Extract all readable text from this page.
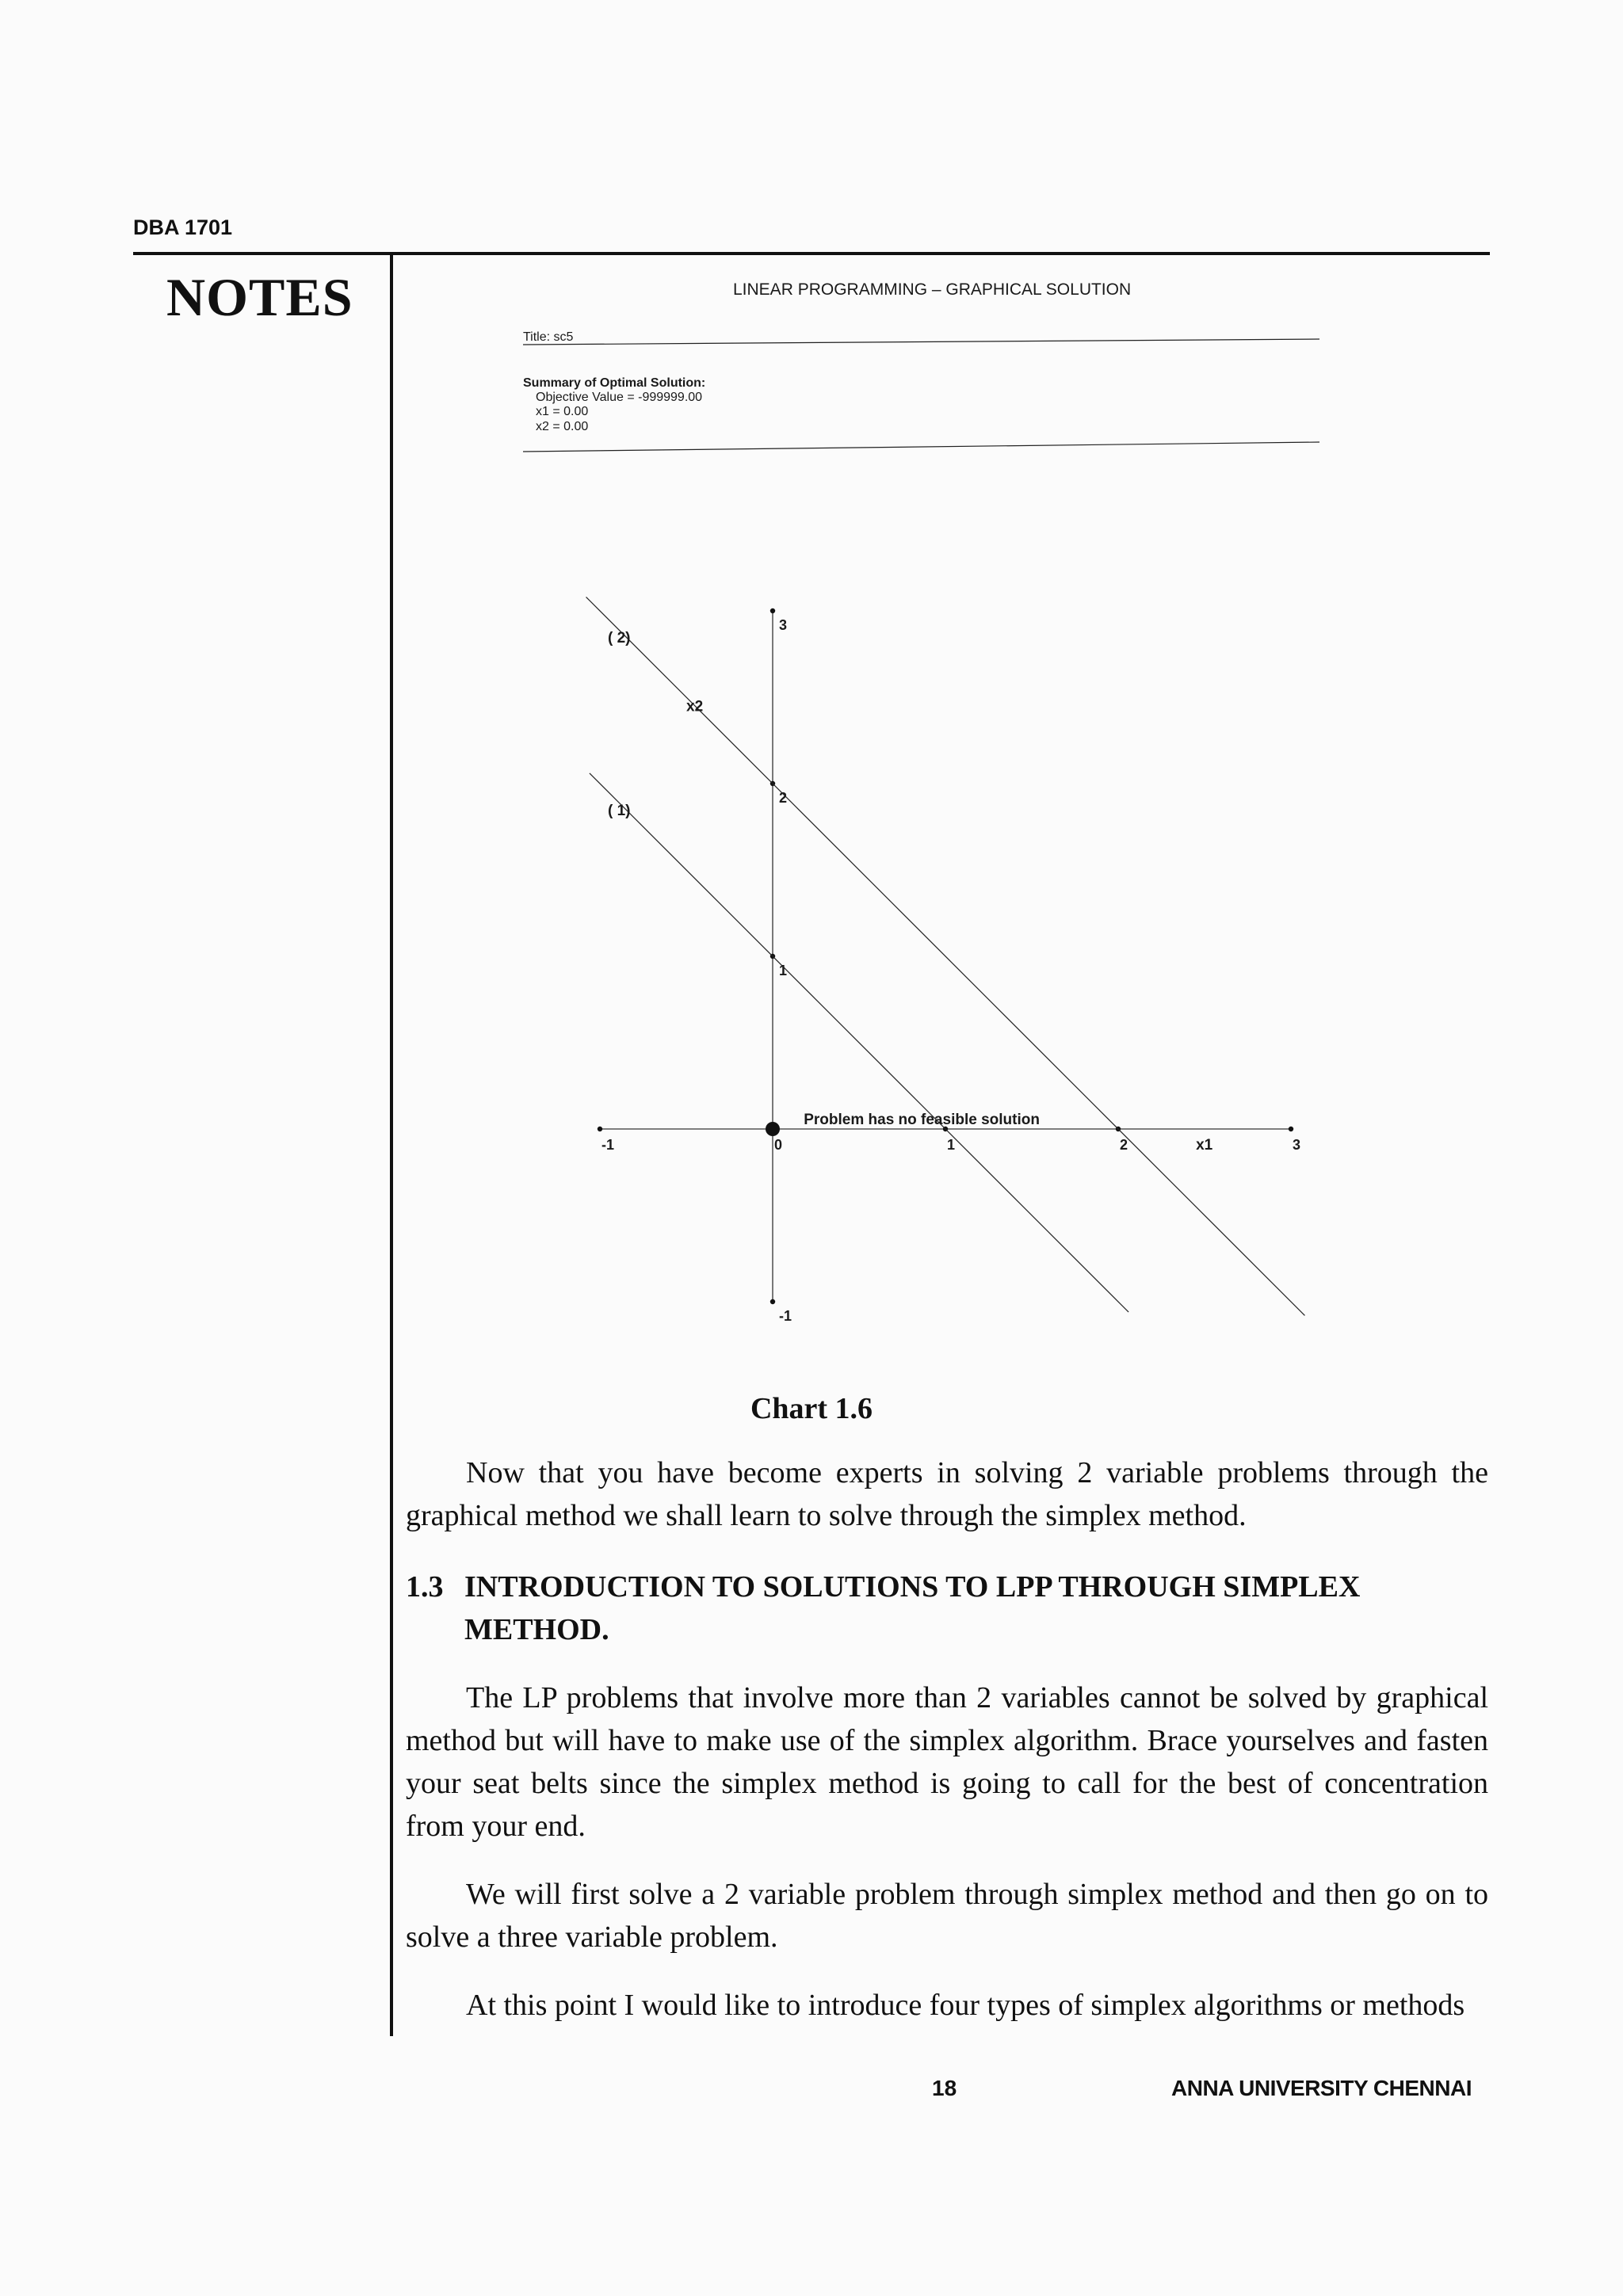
DBA 1701
NOTES	LINEAR PROGRAMMING – GRAPHICAL SOLUTION
Title: sc5
Summary of Optimal Solution:
Objective Value = -999999.00
x1 = 0.00
x2 = 0.00
-1	0	1	2	3
3
2
1
-1
x1
( 1)
( 2)
x2
Problem has no feasible solution
Chart 1.6
Now that you have become experts in solving 2 variable problems through the graphical method we shall learn to solve through the simplex method.
1.3 INTRODUCTION TO SOLUTIONS TO LPP THROUGH SIMPLEX METHOD.
The LP problems that involve more than 2 variables cannot be solved by graphical method but will have to make use of the simplex algorithm. Brace yourselves and fasten your seat belts since the simplex method is going to call for the best of concentration from your end.
We will first solve a 2 variable problem through simplex method and then go on to solve a three variable problem.
At this point I would like to introduce four types of simplex algorithms or methods
18	ANNA UNIVERSITY CHENNAI
